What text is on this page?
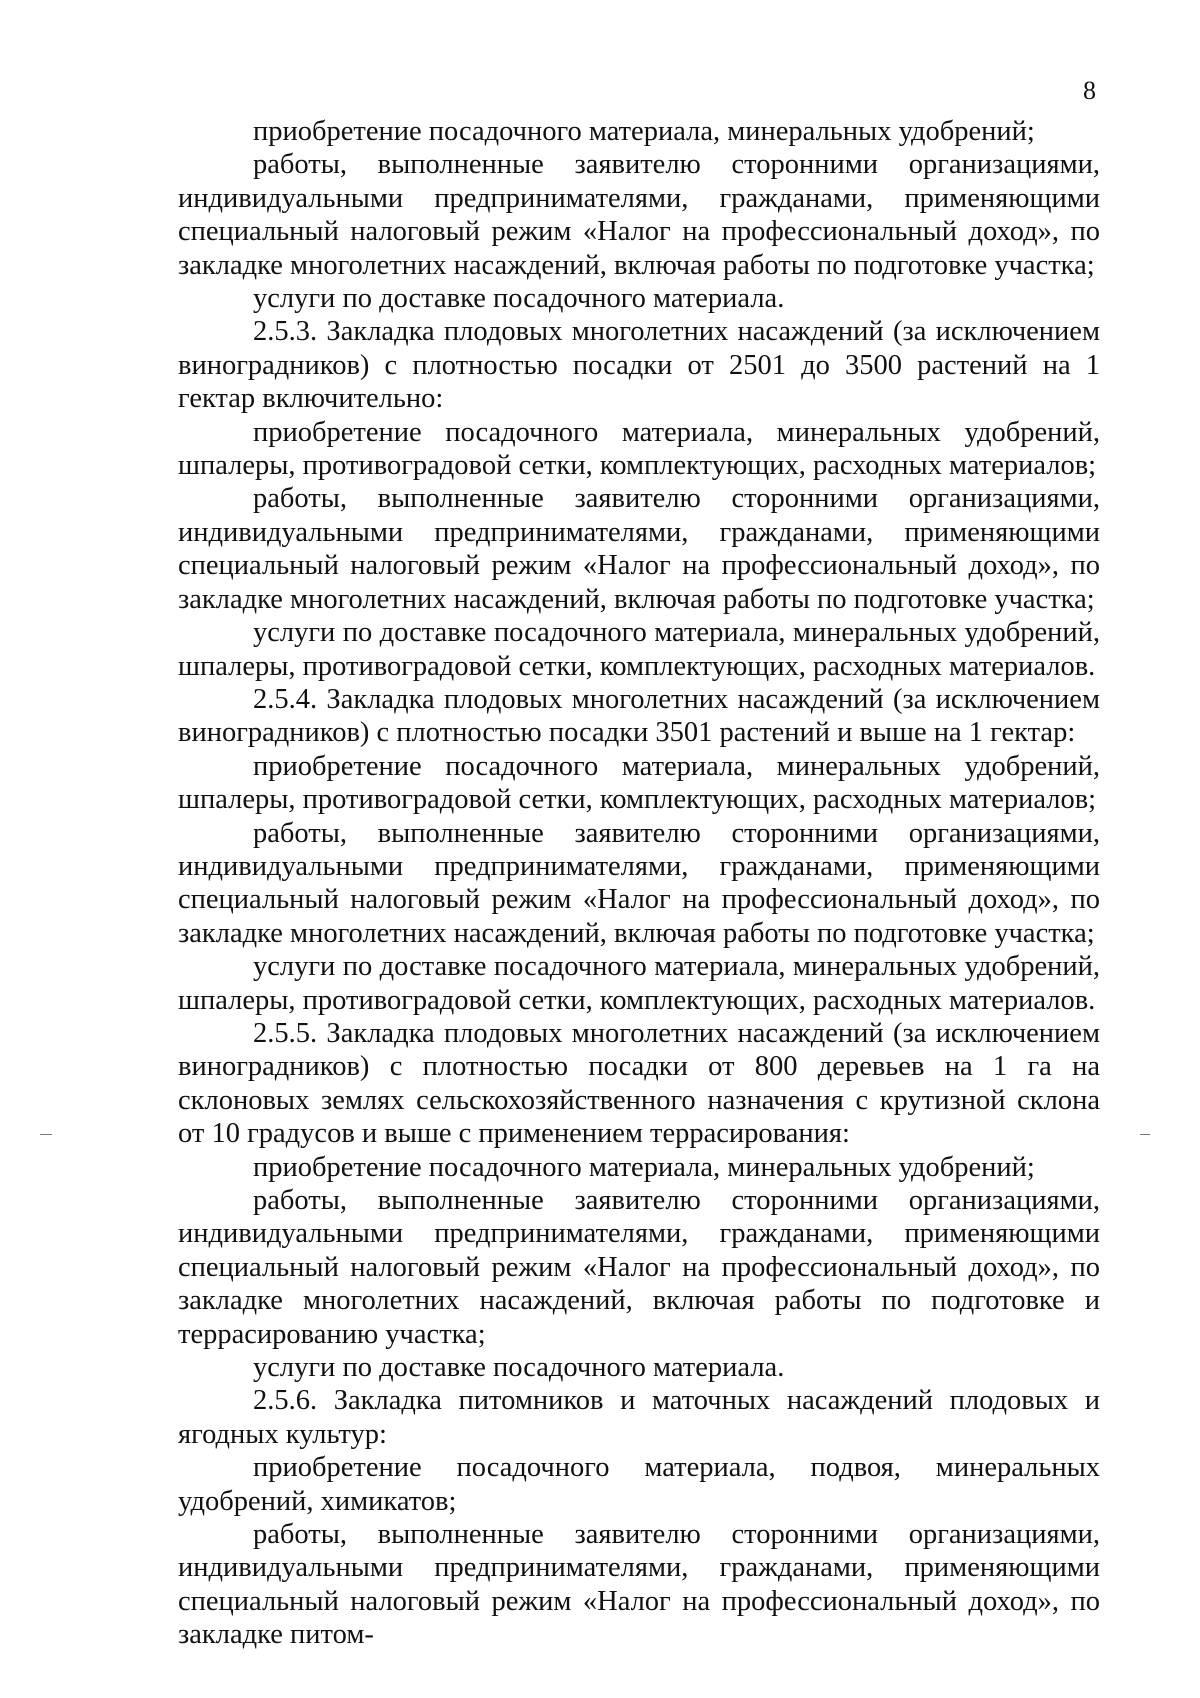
8

приобретение посадочного материала, минеральных удобрений;

работы, выполненные заявителю сторонними организациями, индивидуальными предпринимателями, гражданами, применяющими специальный налоговый режим «Налог на профессиональный доход», по закладке многолетних насаждений, включая работы по подготовке участка;

услуги по доставке посадочного материала.

2.5.3. Закладка плодовых многолетних насаждений (за исключением виноградников) с плотностью посадки от 2501 до 3500 растений на 1 гектар включительно:

приобретение посадочного материала, минеральных удобрений, шпалеры, противоградовой сетки, комплектующих, расходных материалов;

работы, выполненные заявителю сторонними организациями, индивидуальными предпринимателями, гражданами, применяющими специальный налоговый режим «Налог на профессиональный доход», по закладке многолетних насаждений, включая работы по подготовке участка;

услуги по доставке посадочного материала, минеральных удобрений, шпалеры, противоградовой сетки, комплектующих, расходных материалов.

2.5.4. Закладка плодовых многолетних насаждений (за исключением виноградников) с плотностью посадки 3501 растений и выше на 1 гектар:

приобретение посадочного материала, минеральных удобрений, шпалеры, противоградовой сетки, комплектующих, расходных материалов;

работы, выполненные заявителю сторонними организациями, индивидуальными предпринимателями, гражданами, применяющими специальный налоговый режим «Налог на профессиональный доход», по закладке многолетних насаждений, включая работы по подготовке участка;

услуги по доставке посадочного материала, минеральных удобрений, шпалеры, противоградовой сетки, комплектующих, расходных материалов.

2.5.5. Закладка плодовых многолетних насаждений (за исключением виноградников) с плотностью посадки от 800 деревьев на 1 га на склоновых землях сельскохозяйственного назначения с крутизной склона от 10 градусов и выше с применением террасирования:

приобретение посадочного материала, минеральных удобрений;

работы, выполненные заявителю сторонними организациями, индивидуальными предпринимателями, гражданами, применяющими специальный налоговый режим «Налог на профессиональный доход», по закладке многолетних насаждений, включая работы по подготовке и террасированию участка;

услуги по доставке посадочного материала.

2.5.6. Закладка питомников и маточных насаждений плодовых и ягодных культур:

приобретение посадочного материала, подвоя, минеральных удобрений, химикатов;

работы, выполненные заявителю сторонними организациями, индивидуальными предпринимателями, гражданами, применяющими специальный налоговый режим «Налог на профессиональный доход», по закладке питом-
